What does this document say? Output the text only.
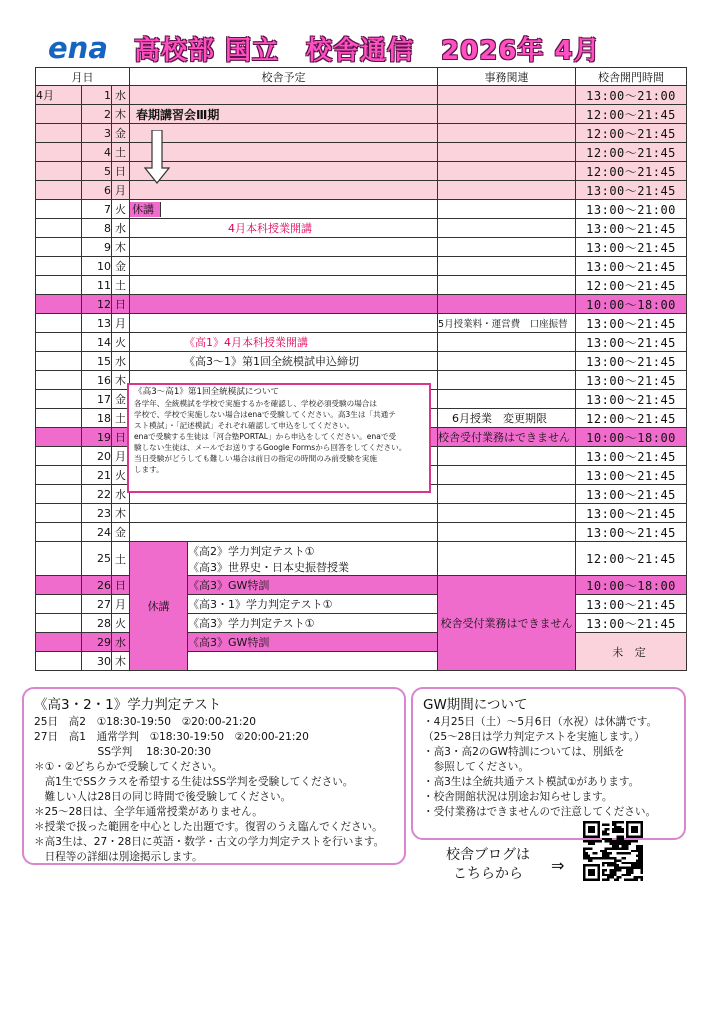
ena 高校部 国立　校舎通信　2026年 4月
月日			校舎予定		事務関連	校舎開門時間
4月	1	水				13:00～21:00
	2	木	春期講習会Ⅲ期			12:00～21:45
	3	金				12:00～21:45
	4	土				12:00～21:45
	5	日				12:00～21:45
	6	月				13:00～21:45
	7	火	休講			13:00～21:00
	8	水	4月本科授業開講			13:00～21:45
	9	木				13:00～21:45
	10	金				13:00～21:45
	11	土				12:00～21:45
	12	日				10:00～18:00
	13	月			5月授業料・運営費　口座振替	13:00～21:45
	14	火	《高1》4月本科授業開講			13:00～21:45
	15	水	《高3～1》第1回全統模試申込締切			13:00～21:45
	16	木				13:00～21:45
	17	金				13:00～21:45
	18	土			6月授業　変更期限	12:00～21:45
	19	日			校舎受付業務はできません	10:00～18:00
	20	月				13:00～21:45
	21	火				13:00～21:45
	22	水				13:00～21:45
	23	木				13:00～21:45
	24	金				13:00～21:45
	25	土	休講	《高2》学力判定テスト①
《高3》世界史・日本史振替授業		12:00～21:45
	26	日		《高3》GW特訓	校舎受付業務はできません	10:00～18:00
	27	月		《高3・1》学力判定テスト①		13:00～21:45
	28	火		《高3》学力判定テスト①		13:00～21:45
	29	水		《高3》GW特訓		未 定
	30	木				
《高3～高1》第1回全統模試について
各学年、全統模試を学校で実施するかを確認し、学校必須受験の場合は
学校で、学校で実施しない場合はenaで受験してください。高3生は「共通テ
スト模試」・「記述模試」それぞれ確認して申込をしてください。
enaで受験する生徒は「河合塾PORTAL」から申込をしてください。enaで受
験しない生徒は、メールでお送りするGoogle Formsから回答をしてください。
当日受験がどうしても難しい場合は前日の指定の時間のみ前受験を実施
します。
《高3・2・1》学力判定テスト
25日　高2　①18:30-19:50　②20:00-21:20
27日　高1　通常学判　①18:30-19:50　②20:00-21:20
　　　　　　SS学判　 18:30-20:30
＊①・②どちらかで受験してください。
　高1生でSSクラスを希望する生徒はSS学判を受験してください。
　難しい人は28日の同じ時間で後受験してください。
＊25～28日は、全学年通常授業がありません。
＊授業で扱った範囲を中心とした出題です。復習のうえ臨んでください。
＊高3生は、27・28日に英語・数学・古文の学力判定テストを行います。
　日程等の詳細は別途掲示します。
GW期間について
・4月25日（土）～5月6日（水祝）は休講です。
（25～28日は学力判定テストを実施します。）
・高3・高2のGW特訓については、別紙を
　参照してください。
・高3生は全統共通テスト模試①があります。
・校舎開館状況は別途お知らせします。
・受付業務はできませんので注意してください。
校舎ブログは
こちらから	⇒
